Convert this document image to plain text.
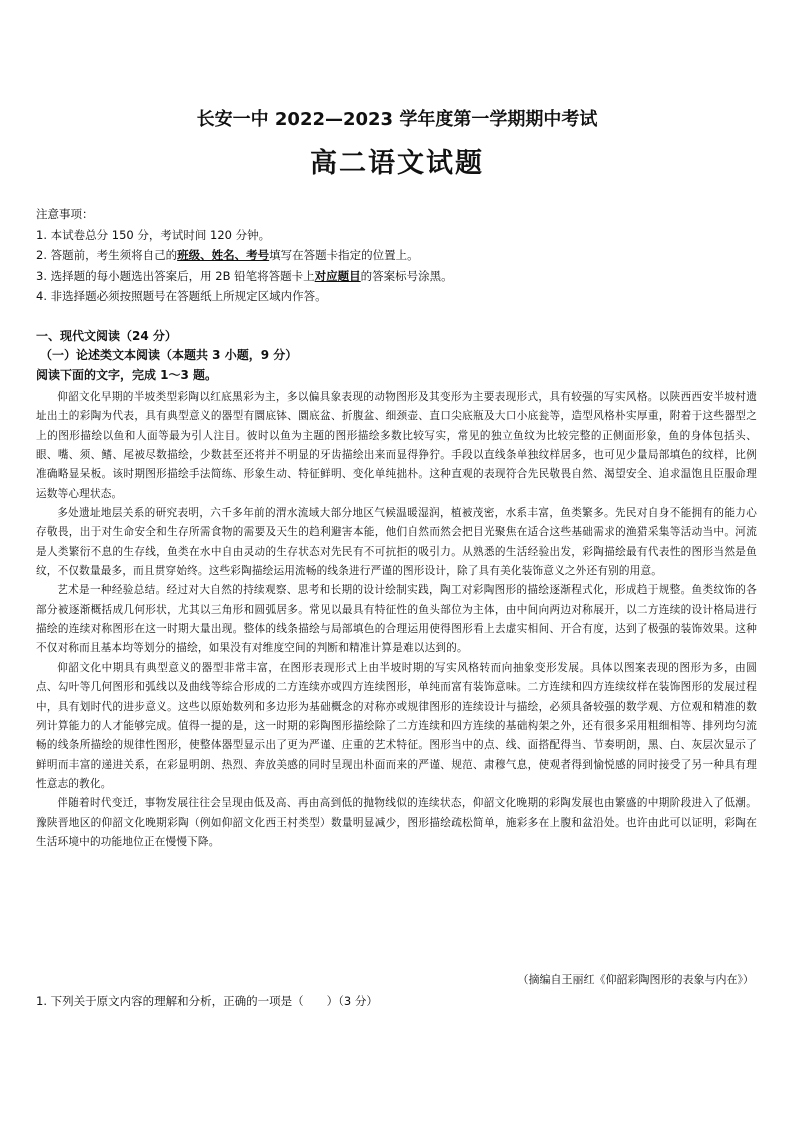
长安一中 2022—2023 学年度第一学期期中考试
高二语文试题
注意事项：
1. 本试卷总分 150 分，考试时间 120 分钟。
2. 答题前，考生须将自己的班级、姓名、考号填写在答题卡指定的位置上。
3. 选择题的每小题选出答案后，用 2B 铅笔将答题卡上对应题目的答案标号涂黑。
4. 非选择题必须按照题号在答题纸上所规定区域内作答。
一、现代文阅读（24 分）
（一）论述类文本阅读（本题共 3 小题，9 分）
阅读下面的文字，完成 1～3 题。

仰韶文化早期的半坡类型彩陶以红底黑彩为主，多以偏具象表现的动物图形及其变形为主要表现形式，具有较强的写实风格。以陕西西安半坡村遗址出土的彩陶为代表，具有典型意义的器型有圜底钵、圜底盆、折腹盆、细颈壶、直口尖底瓶及大口小底瓮等，造型风格朴实厚重，附着于这些器型之上的图形描绘以鱼和人面等最为引人注目。彼时以鱼为主题的图形描绘多数比较写实，常见的独立鱼纹为比较完整的正侧面形象，鱼的身体包括头、眼、嘴、须、鳍、尾被尽数描绘，少数甚至还将并不明显的牙齿描绘出来而显得狰狞。手段以直线条单独纹样居多，也可见少量局部填色的纹样，比例准确略显呆板。该时期图形描绘手法简练、形象生动、特征鲜明、变化单纯拙朴。这种直观的表现符合先民敬畏自然、渴望安全、追求温饱且臣服命理运数等心理状态。

多处遗址地层关系的研究表明，六千多年前的渭水流域大部分地区气候温暖湿润，植被茂密，水系丰富，鱼类繁多。先民对自身不能拥有的能力心存敬畏，出于对生命安全和生存所需食物的需要及天生的趋利避害本能，他们自然而然会把目光聚焦在适合这些基础需求的渔猎采集等活动当中。河流是人类繁衍不息的生存线，鱼类在水中自由灵动的生存状态对先民有不可抗拒的吸引力。从熟悉的生活经验出发，彩陶描绘最有代表性的图形当然是鱼纹，不仅数量最多，而且贯穿始终。这些彩陶描绘运用流畅的线条进行严谨的图形设计，除了具有美化装饰意义之外还有别的用意。

艺术是一种经验总结。经过对大自然的持续观察、思考和长期的设计绘制实践，陶工对彩陶图形的描绘逐渐程式化，形成趋于规整。鱼类纹饰的各部分被逐渐概括成几何形状，尤其以三角形和圆弧居多。常见以最具有特征性的鱼头部位为主体，由中间向两边对称展开，以二方连续的设计格局进行描绘的连续对称图形在这一时期大量出现。整体的线条描绘与局部填色的合理运用使得图形看上去虚实相间、开合有度，达到了极强的装饰效果。这种不仅对称而且基本均等划分的描绘，如果没有对维度空间的判断和精准计算是难以达到的。

仰韶文化中期具有典型意义的器型非常丰富，在图形表现形式上由半坡时期的写实风格转而向抽象变形发展。具体以图案表现的图形为多，由圆点、勾叶等几何图形和弧线以及曲线等综合形成的二方连续亦或四方连续图形，单纯而富有装饰意味。二方连续和四方连续纹样在装饰图形的发展过程中，具有划时代的进步意义。这些以原始数列和多边形为基础概念的对称亦或规律图形的连续设计与描绘，必须具备较强的数学观、方位观和精准的数列计算能力的人才能够完成。值得一提的是，这一时期的彩陶图形描绘除了二方连续和四方连续的基础构架之外，还有很多采用粗细相等、排列均匀流畅的线条所描绘的规律性图形，使整体器型显示出了更为严谨、庄重的艺术特征。图形当中的点、线、面搭配得当、节奏明朗，黑、白、灰层次显示了鲜明而丰富的递进关系，在彩显明朗、热烈、奔放美感的同时呈现出朴面而来的严谨、规范、肃穆气息，使观者得到愉悦感的同时接受了另一种具有理性意志的教化。

伴随着时代变迁，事物发展往往会呈现由低及高、再由高到低的抛物线似的连续状态，仰韶文化晚期的彩陶发展也由繁盛的中期阶段进入了低潮。豫陕晋地区的仰韶文化晚期彩陶（例如仰韶文化西王村类型）数量明显减少，图形描绘疏松简单，施彩多在上腹和盆沿处。也许由此可以证明，彩陶在生活环境中的功能地位正在慢慢下降。

（摘编自王丽红《仰韶彩陶图形的表象与内在》）
1. 下列关于原文内容的理解和分析，正确的一项是（　　）（3 分）
